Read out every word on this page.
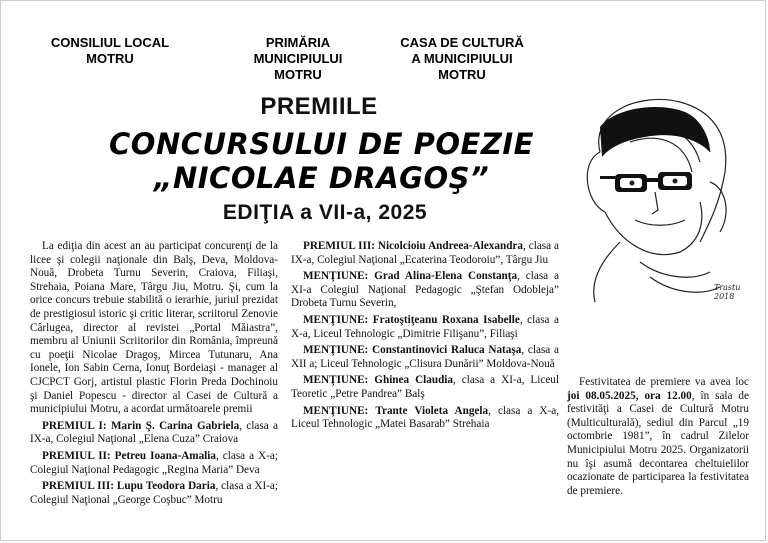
CONSILIUL LOCAL
MOTRU
PRIMĂRIA
MUNICIPIULUI
MOTRU
CASA DE CULTURĂ
A MUNICIPIULUI
MOTRU
PREMIILE
CONCURSULUI DE POEZIE
„NICOLAE DRAGOŞ”
EDIŢIA a VII-a, 2025
Trastu
2018

La ediţia din acest an au participat concurenţi de la licee şi colegii naţionale din Balş, Deva, Moldova-Nouă, Drobeta Turnu Severin, Craiova, Filiaşi, Strehaia, Poiana Mare, Târgu Jiu, Motru. Şi, cum la orice concurs trebuie stabilită o ierarhie, juriul prezidat de prestigiosul istoric şi critic literar, scriitorul Zenovie Cârlugea, director al revistei „Portal Măiastra”, membru al Uniunii Scriitorilor din România, împreună cu poeţii Nicolae Dragoş, Mircea Tutunaru, Ana Ionele, Ion Sabin Cerna, Ionuţ Bordeiaşi - manager al CJCPCT Gorj, artistul plastic Florin Preda Dochinoiu şi Daniel Popescu - director al Casei de Cultură a municipiului Motru, a acordat următoarele premii

PREMIUL I: Marin Ş. Carina Gabriela, clasa a IX-a, Colegiul Naţional „Elena Cuza” Craiova

PREMIUL II: Petreu Ioana-Amalia, clasa a X-a; Colegiul Naţional Pedagogic „Regina Maria” Deva

PREMIUL III: Lupu Teodora Daria, clasa a XI-a; Colegiul Naţional „George Coşbuc” Motru

PREMIUL III: Nicolcioiu Andreea-Alexandra, clasa a IX-a, Colegiul Naţional „Ecaterina Teodoroiu”, Târgu Jiu

MENŢIUNE: Grad Alina-Elena Constanţa, clasa a XI-a Colegiul Naţional Pedagogic „Ştefan Odobleja” Drobeta Turnu Severin,

MENŢIUNE: Fratoştiţeanu Roxana Isabelle, clasa a X-a, Liceul Tehnologic „Dimitrie Filişanu”, Filiaşi

MENŢIUNE: Constantinovici Raluca Nataşa, clasa a XII a; Liceul Tehnologic „Clisura Dunării” Moldova-Nouă

MENŢIUNE: Ghinea Claudia, clasa a XI-a, Liceul Teoretic „Petre Pandrea” Balş

MENŢIUNE: Trante Violeta Angela, clasa a X-a, Liceul Tehnologic „Matei Basarab” Strehaia

Festivitatea de premiere va avea loc joi 08.05.2025, ora 12.00, în sala de festivităţi a Casei de Cultură Motru (Multiculturală), sediul din Parcul „19 octombrie 1981”, în cadrul Zilelor Municipiului Motru 2025. Organizatorii nu îşi asumă decontarea cheltuielilor ocazionate de participarea la festivitatea de premiere.
